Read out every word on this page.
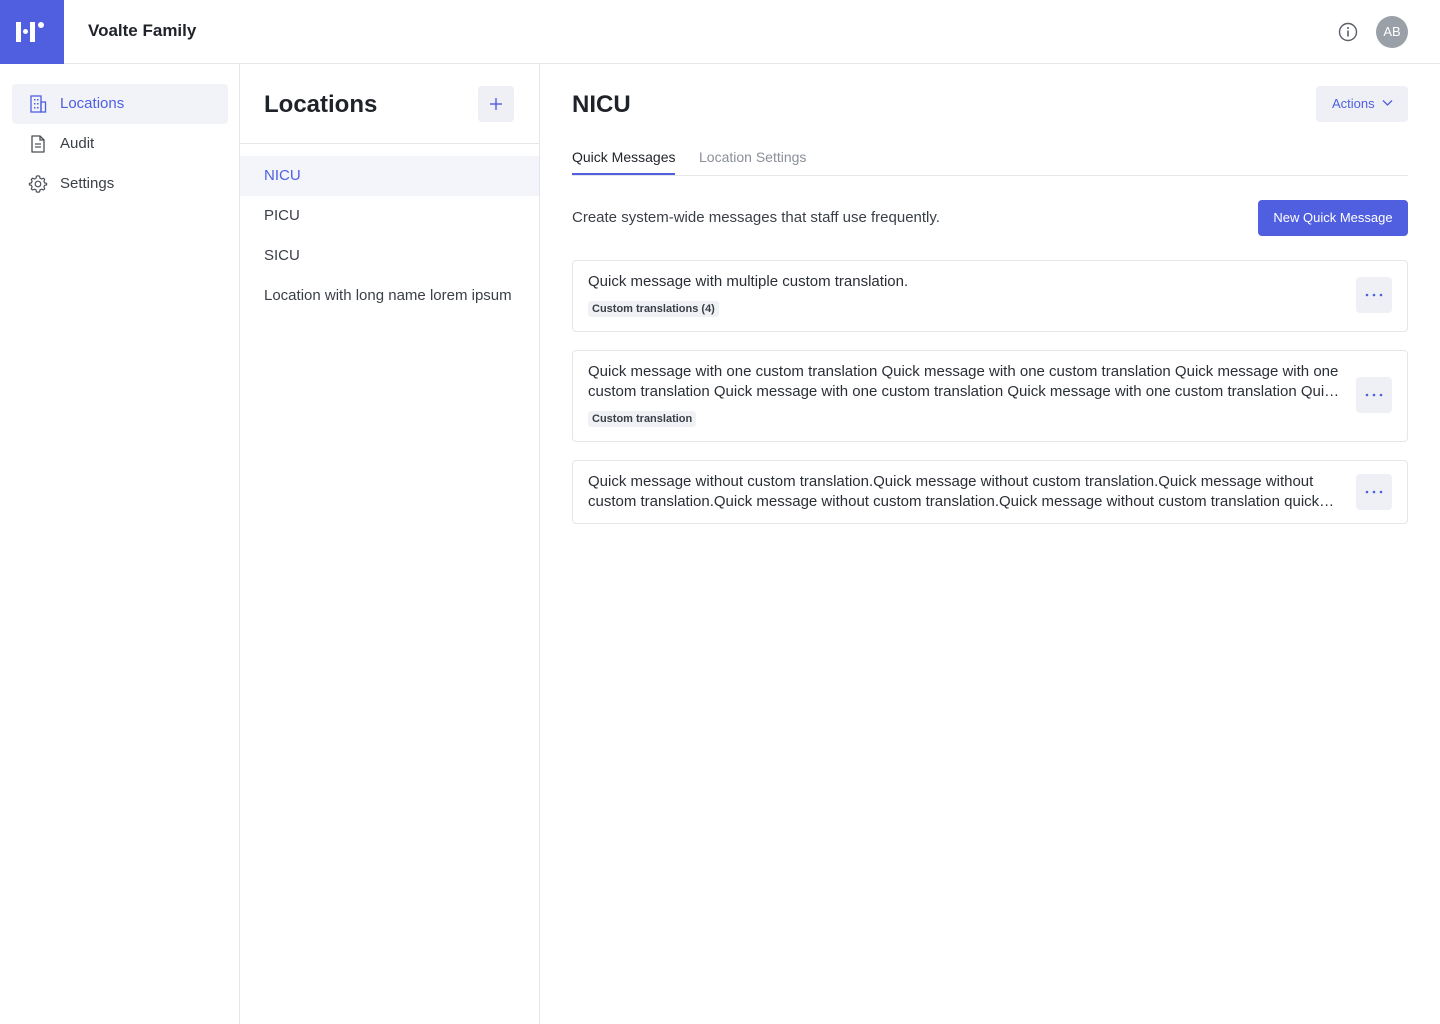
Voalte Family	AB
Locations
Audit
Settings
Locations
NICU
PICU
SICU
Location with long name lorem ipsum
NICU	Actions
Quick Messages Location Settings
Create system-wide messages that staff use frequently.	New Quick Message
Quick message with multiple custom translation.
Custom translations (4)
Quick message with one custom translation Quick message with one custom translation Quick message with one custom translation Quick message with one custom translation Quick message with one custom translation Quick
Custom translation
Quick message without custom translation.Quick message without custom translation.Quick message without custom translation.Quick message without custom translation.Quick message without custom translation quick
